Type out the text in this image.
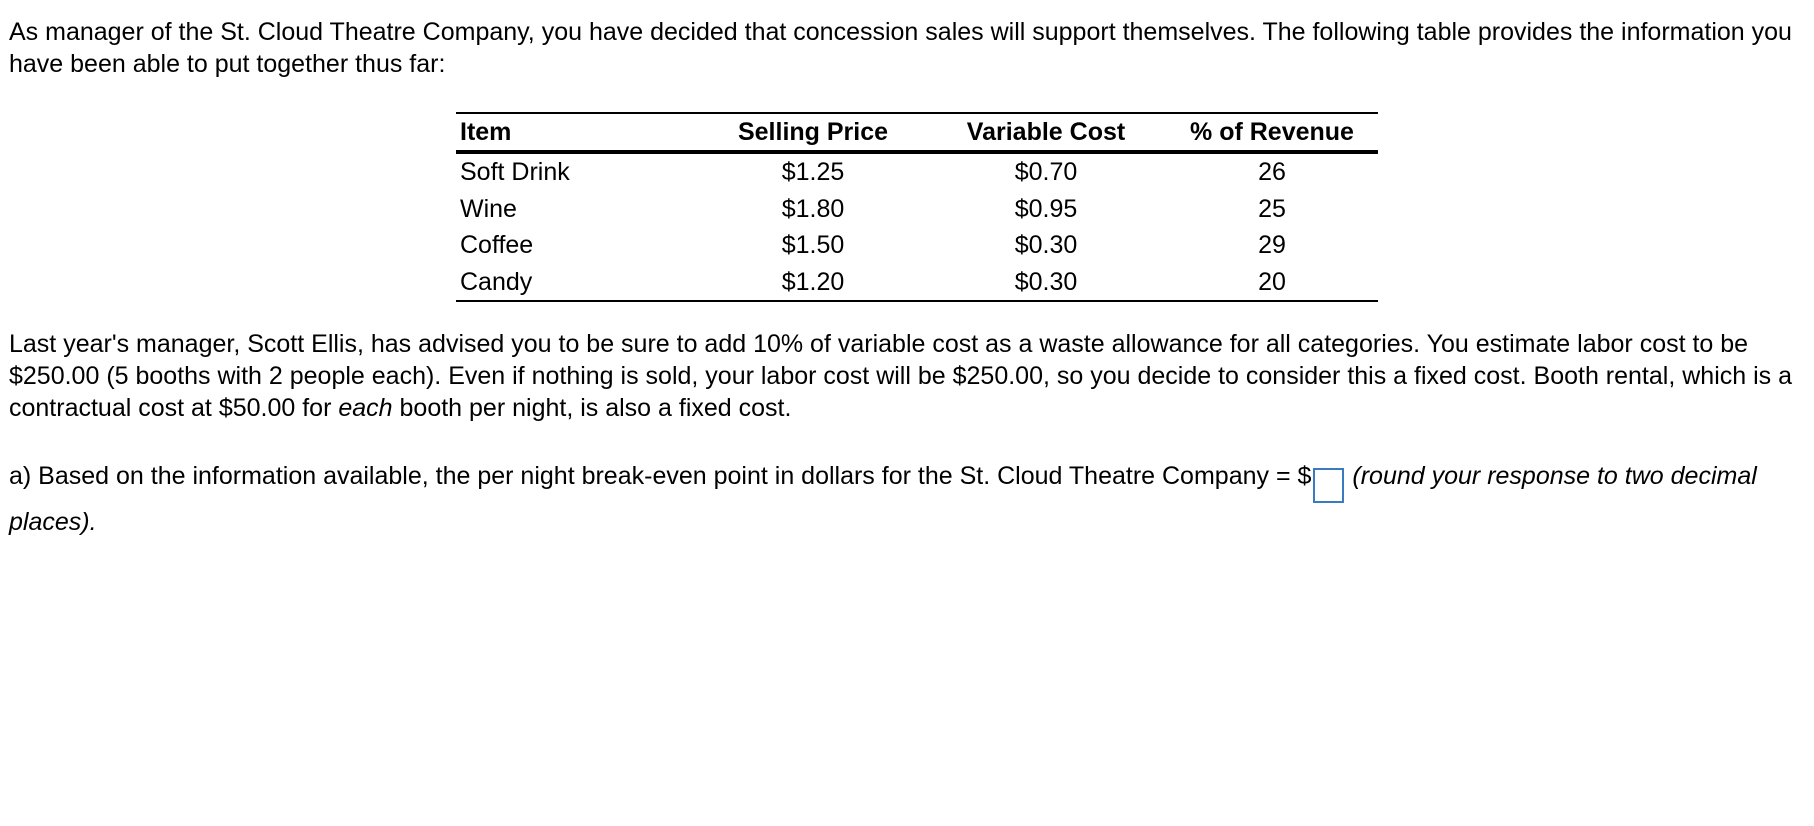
As manager of the St. Cloud Theatre Company, you have decided that concession sales will support themselves. The following table provides the information you have been able to put together thus far:

Item	Selling Price	Variable Cost	% of Revenue
Soft Drink	$1.25	$0.70	26
Wine	$1.80	$0.95	25
Coffee	$1.50	$0.30	29
Candy	$1.20	$0.30	20

Last year's manager, Scott Ellis, has advised you to be sure to add 10% of variable cost as a waste allowance for all categories. You estimate labor cost to be $250.00 (5 booths with 2 people each). Even if nothing is sold, your labor cost will be $250.00, so you decide to consider this a fixed cost. Booth rental, which is a contractual cost at $50.00 for each booth per night, is also a fixed cost.

a) Based on the information available, the per night break-even point in dollars for the St. Cloud Theatre Company = $ (round your response to two decimal places).
